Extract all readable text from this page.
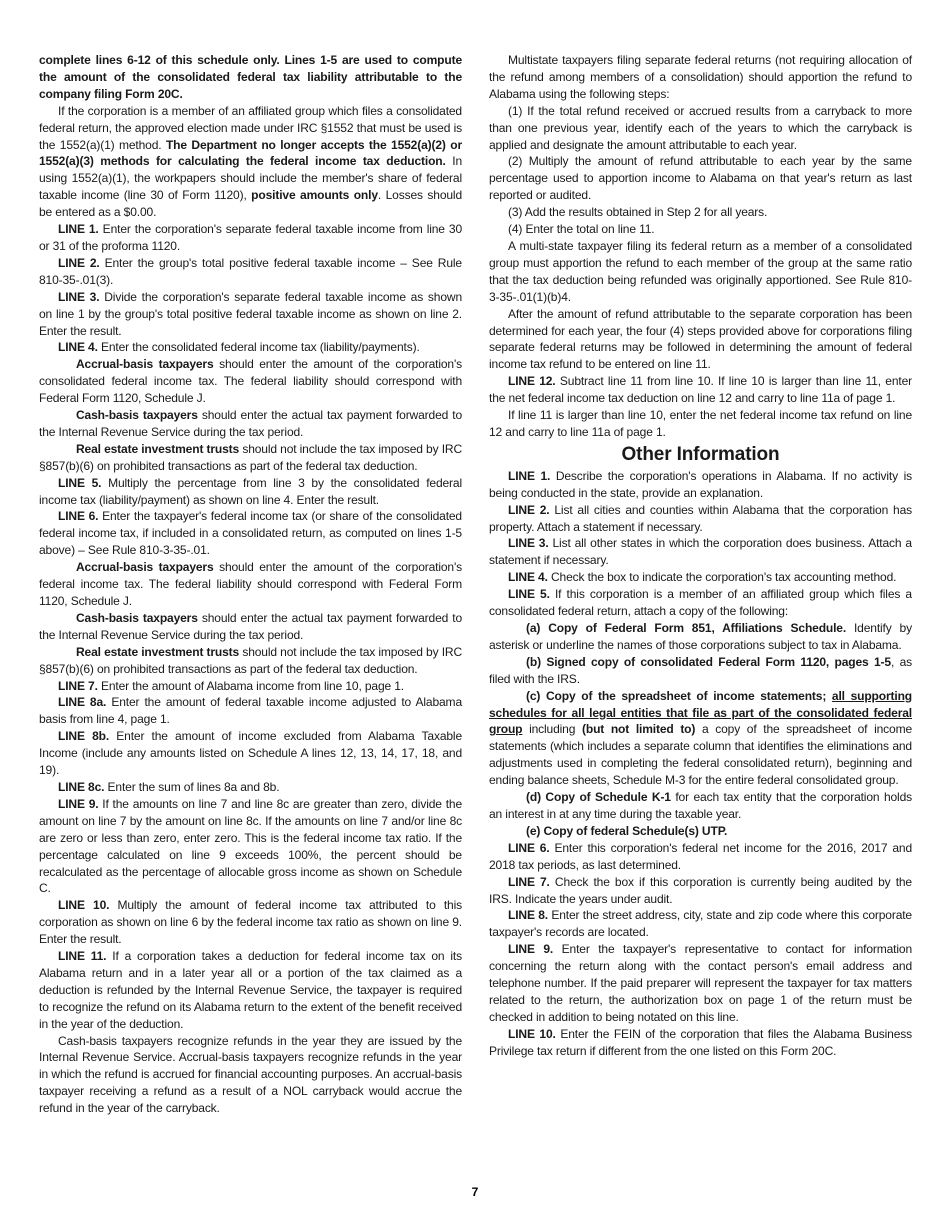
complete lines 6-12 of this schedule only. Lines 1-5 are used to compute the amount of the consolidated federal tax liability attributable to the company filing Form 20C.

If the corporation is a member of an affiliated group which files a consolidated federal return, the approved election made under IRC §1552 that must be used is the 1552(a)(1) method. The Department no longer accepts the 1552(a)(2) or 1552(a)(3) methods for calculating the federal income tax deduction. In using 1552(a)(1), the workpapers should include the member's share of federal taxable income (line 30 of Form 1120), positive amounts only. Losses should be entered as a $0.00.

LINE 1. Enter the corporation's separate federal taxable income from line 30 or 31 of the proforma 1120.

LINE 2. Enter the group's total positive federal taxable income – See Rule 810-35-.01(3).

LINE 3. Divide the corporation's separate federal taxable income as shown on line 1 by the group's total positive federal taxable income as shown on line 2. Enter the result.

LINE 4. Enter the consolidated federal income tax (liability/payments).

Accrual-basis taxpayers should enter the amount of the corporation's consolidated federal income tax. The federal liability should correspond with Federal Form 1120, Schedule J.

Cash-basis taxpayers should enter the actual tax payment forwarded to the Internal Revenue Service during the tax period.

Real estate investment trusts should not include the tax imposed by IRC §857(b)(6) on prohibited transactions as part of the federal tax deduction.

LINE 5. Multiply the percentage from line 3 by the consolidated federal income tax (liability/payment) as shown on line 4. Enter the result.

LINE 6. Enter the taxpayer's federal income tax (or share of the consolidated federal income tax, if included in a consolidated return, as computed on lines 1-5 above) – See Rule 810-3-35-.01.

Accrual-basis taxpayers should enter the amount of the corporation's federal income tax. The federal liability should correspond with Federal Form 1120, Schedule J.

Cash-basis taxpayers should enter the actual tax payment forwarded to the Internal Revenue Service during the tax period.

Real estate investment trusts should not include the tax imposed by IRC §857(b)(6) on prohibited transactions as part of the federal tax deduction.

LINE 7. Enter the amount of Alabama income from line 10, page 1.

LINE 8a. Enter the amount of federal taxable income adjusted to Alabama basis from line 4, page 1.

LINE 8b. Enter the amount of income excluded from Alabama Taxable Income (include any amounts listed on Schedule A lines 12, 13, 14, 17, 18, and 19).

LINE 8c. Enter the sum of lines 8a and 8b.

LINE 9. If the amounts on line 7 and line 8c are greater than zero, divide the amount on line 7 by the amount on line 8c. If the amounts on line 7 and/or line 8c are zero or less than zero, enter zero. This is the federal income tax ratio. If the percentage calculated on line 9 exceeds 100%, the percent should be recalculated as the percentage of allocable gross income as shown on Schedule C.

LINE 10. Multiply the amount of federal income tax attributed to this corporation as shown on line 6 by the federal income tax ratio as shown on line 9. Enter the result.

LINE 11. If a corporation takes a deduction for federal income tax on its Alabama return and in a later year all or a portion of the tax claimed as a deduction is refunded by the Internal Revenue Service, the taxpayer is required to recognize the refund on its Alabama return to the extent of the benefit received in the year of the deduction.

Cash-basis taxpayers recognize refunds in the year they are issued by the Internal Revenue Service. Accrual-basis taxpayers recognize refunds in the year in which the refund is accrued for financial accounting purposes. An accrual-basis taxpayer receiving a refund as a result of a NOL carryback would accrue the refund in the year of the carryback.

Multistate taxpayers filing separate federal returns (not requiring allocation of the refund among members of a consolidation) should apportion the refund to Alabama using the following steps:

(1) If the total refund received or accrued results from a carryback to more than one previous year, identify each of the years to which the carryback is applied and designate the amount attributable to each year.

(2) Multiply the amount of refund attributable to each year by the same percentage used to apportion income to Alabama on that year's return as last reported or audited.

(3) Add the results obtained in Step 2 for all years.

(4) Enter the total on line 11.

A multi-state taxpayer filing its federal return as a member of a consolidated group must apportion the refund to each member of the group at the same ratio that the tax deduction being refunded was originally apportioned. See Rule 810-3-35-.01(1)(b)4.

After the amount of refund attributable to the separate corporation has been determined for each year, the four (4) steps provided above for corporations filing separate federal returns may be followed in determining the amount of federal income tax refund to be entered on line 11.

LINE 12. Subtract line 11 from line 10. If line 10 is larger than line 11, enter the net federal income tax deduction on line 12 and carry to line 11a of page 1.

If line 11 is larger than line 10, enter the net federal income tax refund on line 12 and carry to line 11a of page 1.

Other Information

LINE 1. Describe the corporation's operations in Alabama. If no activity is being conducted in the state, provide an explanation.

LINE 2. List all cities and counties within Alabama that the corporation has property. Attach a statement if necessary.

LINE 3. List all other states in which the corporation does business. Attach a statement if necessary.

LINE 4. Check the box to indicate the corporation's tax accounting method.

LINE 5. If this corporation is a member of an affiliated group which files a consolidated federal return, attach a copy of the following:

(a) Copy of Federal Form 851, Affiliations Schedule. Identify by asterisk or underline the names of those corporations subject to tax in Alabama.

(b) Signed copy of consolidated Federal Form 1120, pages 1-5, as filed with the IRS.

(c) Copy of the spreadsheet of income statements; all supporting schedules for all legal entities that file as part of the consolidated federal group including (but not limited to) a copy of the spreadsheet of income statements (which includes a separate column that identifies the eliminations and adjustments used in completing the federal consolidated return), beginning and ending balance sheets, Schedule M-3 for the entire federal consolidated group.

(d) Copy of Schedule K-1 for each tax entity that the corporation holds an interest in at any time during the taxable year.

(e) Copy of federal Schedule(s) UTP.

LINE 6. Enter this corporation's federal net income for the 2016, 2017 and 2018 tax periods, as last determined.

LINE 7. Check the box if this corporation is currently being audited by the IRS. Indicate the years under audit.

LINE 8. Enter the street address, city, state and zip code where this corporate taxpayer's records are located.

LINE 9. Enter the taxpayer's representative to contact for information concerning the return along with the contact person's email address and telephone number. If the paid preparer will represent the taxpayer for tax matters related to the return, the authorization box on page 1 of the return must be checked in addition to being notated on this line.

LINE 10. Enter the FEIN of the corporation that files the Alabama Business Privilege tax return if different from the one listed on this Form 20C.

7
